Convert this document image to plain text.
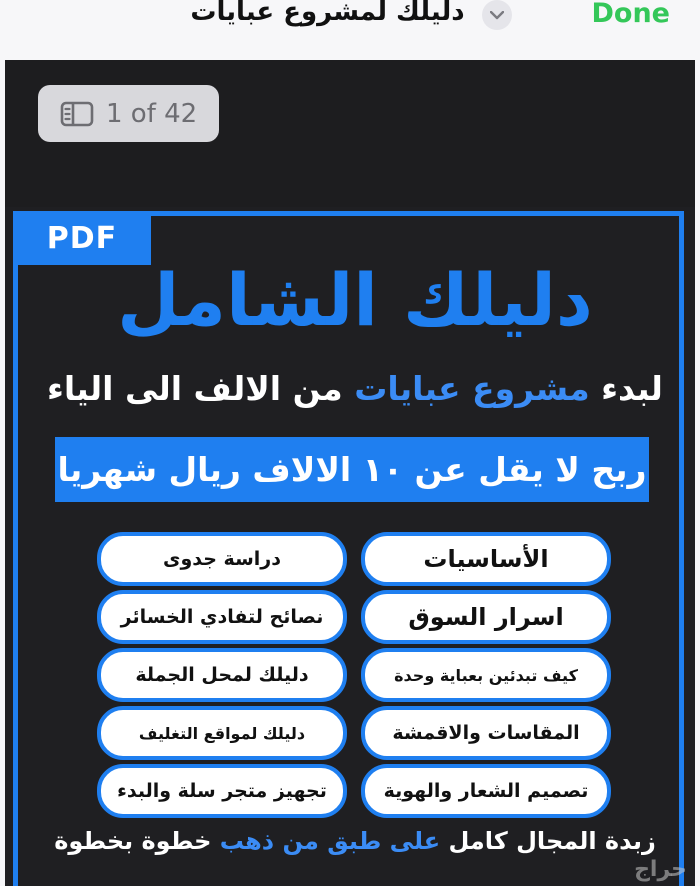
دليلك لمشروع عبايات	Done
1 of 42
PDF
دليلك الشامل
لبدء مشروع عبايات من الالف الى الياء
ربح لا يقل عن ١٠ الالاف ريال شهريا
الأساسيات
اسرار السوق
كيف تبدئين بعباية وحدة
المقاسات والاقمشة
تصميم الشعار والهوية
دراسة جدوى
نصائح لتفادي الخسائر
دليلك لمحل الجملة
دليلك لمواقع التغليف
تجهيز متجر سلة والبدء
زبدة المجال كامل على طبق من ذهب خطوة بخطوة
حراج
